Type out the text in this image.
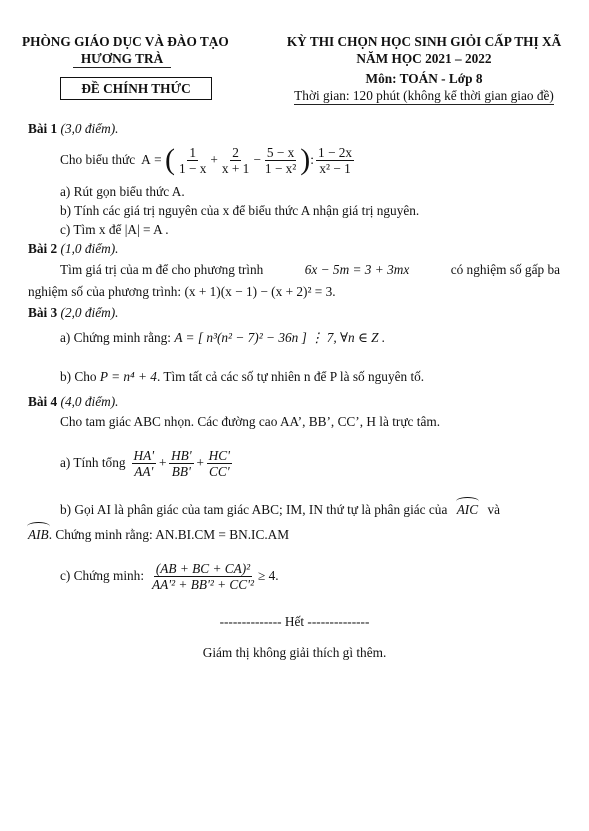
PHÒNG GIÁO DỤC VÀ ĐÀO TẠO
HƯƠNG TRÀ
ĐỀ CHÍNH THỨC
KỲ THI CHỌN HỌC SINH GIỎI CẤP THỊ XÃ
NĂM HỌC 2021 – 2022
Môn: TOÁN - Lớp 8
Thời gian: 120 phút (không kể thời gian giao đề)
Bài 1 (3,0 điểm).
Cho biểu thức A = ( $\frac{1}{1 - x} + \frac{2}{x + 1} - \frac{5 - x}{\text{1 − x²}}$ ) : $\frac{1 - 2x}{\text{x² − 1}}$
a) Rút gọn biểu thức A.
b) Tính các giá trị nguyên của x để biểu thức A nhận giá trị nguyên.
c) Tìm x để |A| = A .
Bài 2 (1,0 điểm).
Tìm giá trị của m để cho phương trình	6x − 5m = 3 + 3mx	có nghiệm số gấp ba
nghiệm số của phương trình: (x + 1)(x − 1) − (x + 2)² = 3.
Bài 3 (2,0 điểm).
a) Chứng minh rằng: A = [ n³(n² − 7)² − 36n ] ⋮ 7, ∀n ∈ Z .
b) Cho P = n⁴ + 4. Tìm tất cả các số tự nhiên n để P là số nguyên tố.
Bài 4 (4,0 điểm).
Cho tam giác ABC nhọn. Các đường cao AA’, BB’, CC’, H là trực tâm.
a) Tính tổng $\frac{HA'}{AA'} + \frac{HB'}{BB'} + \frac{HC'}{CC'}$
b) Gọi AI là phân giác của tam giác ABC; IM, IN thứ tự là phân giác của AIC và
AIB. Chứng minh rằng: AN.BI.CM = BN.IC.AM
c) Chứng minh: $\frac{\text{(AB + BC + CA)²}}{\text{AA'² + BB'² + CC'²}} \ge 4$.
-------------- Hết --------------
Giám thị không giải thích gì thêm.
